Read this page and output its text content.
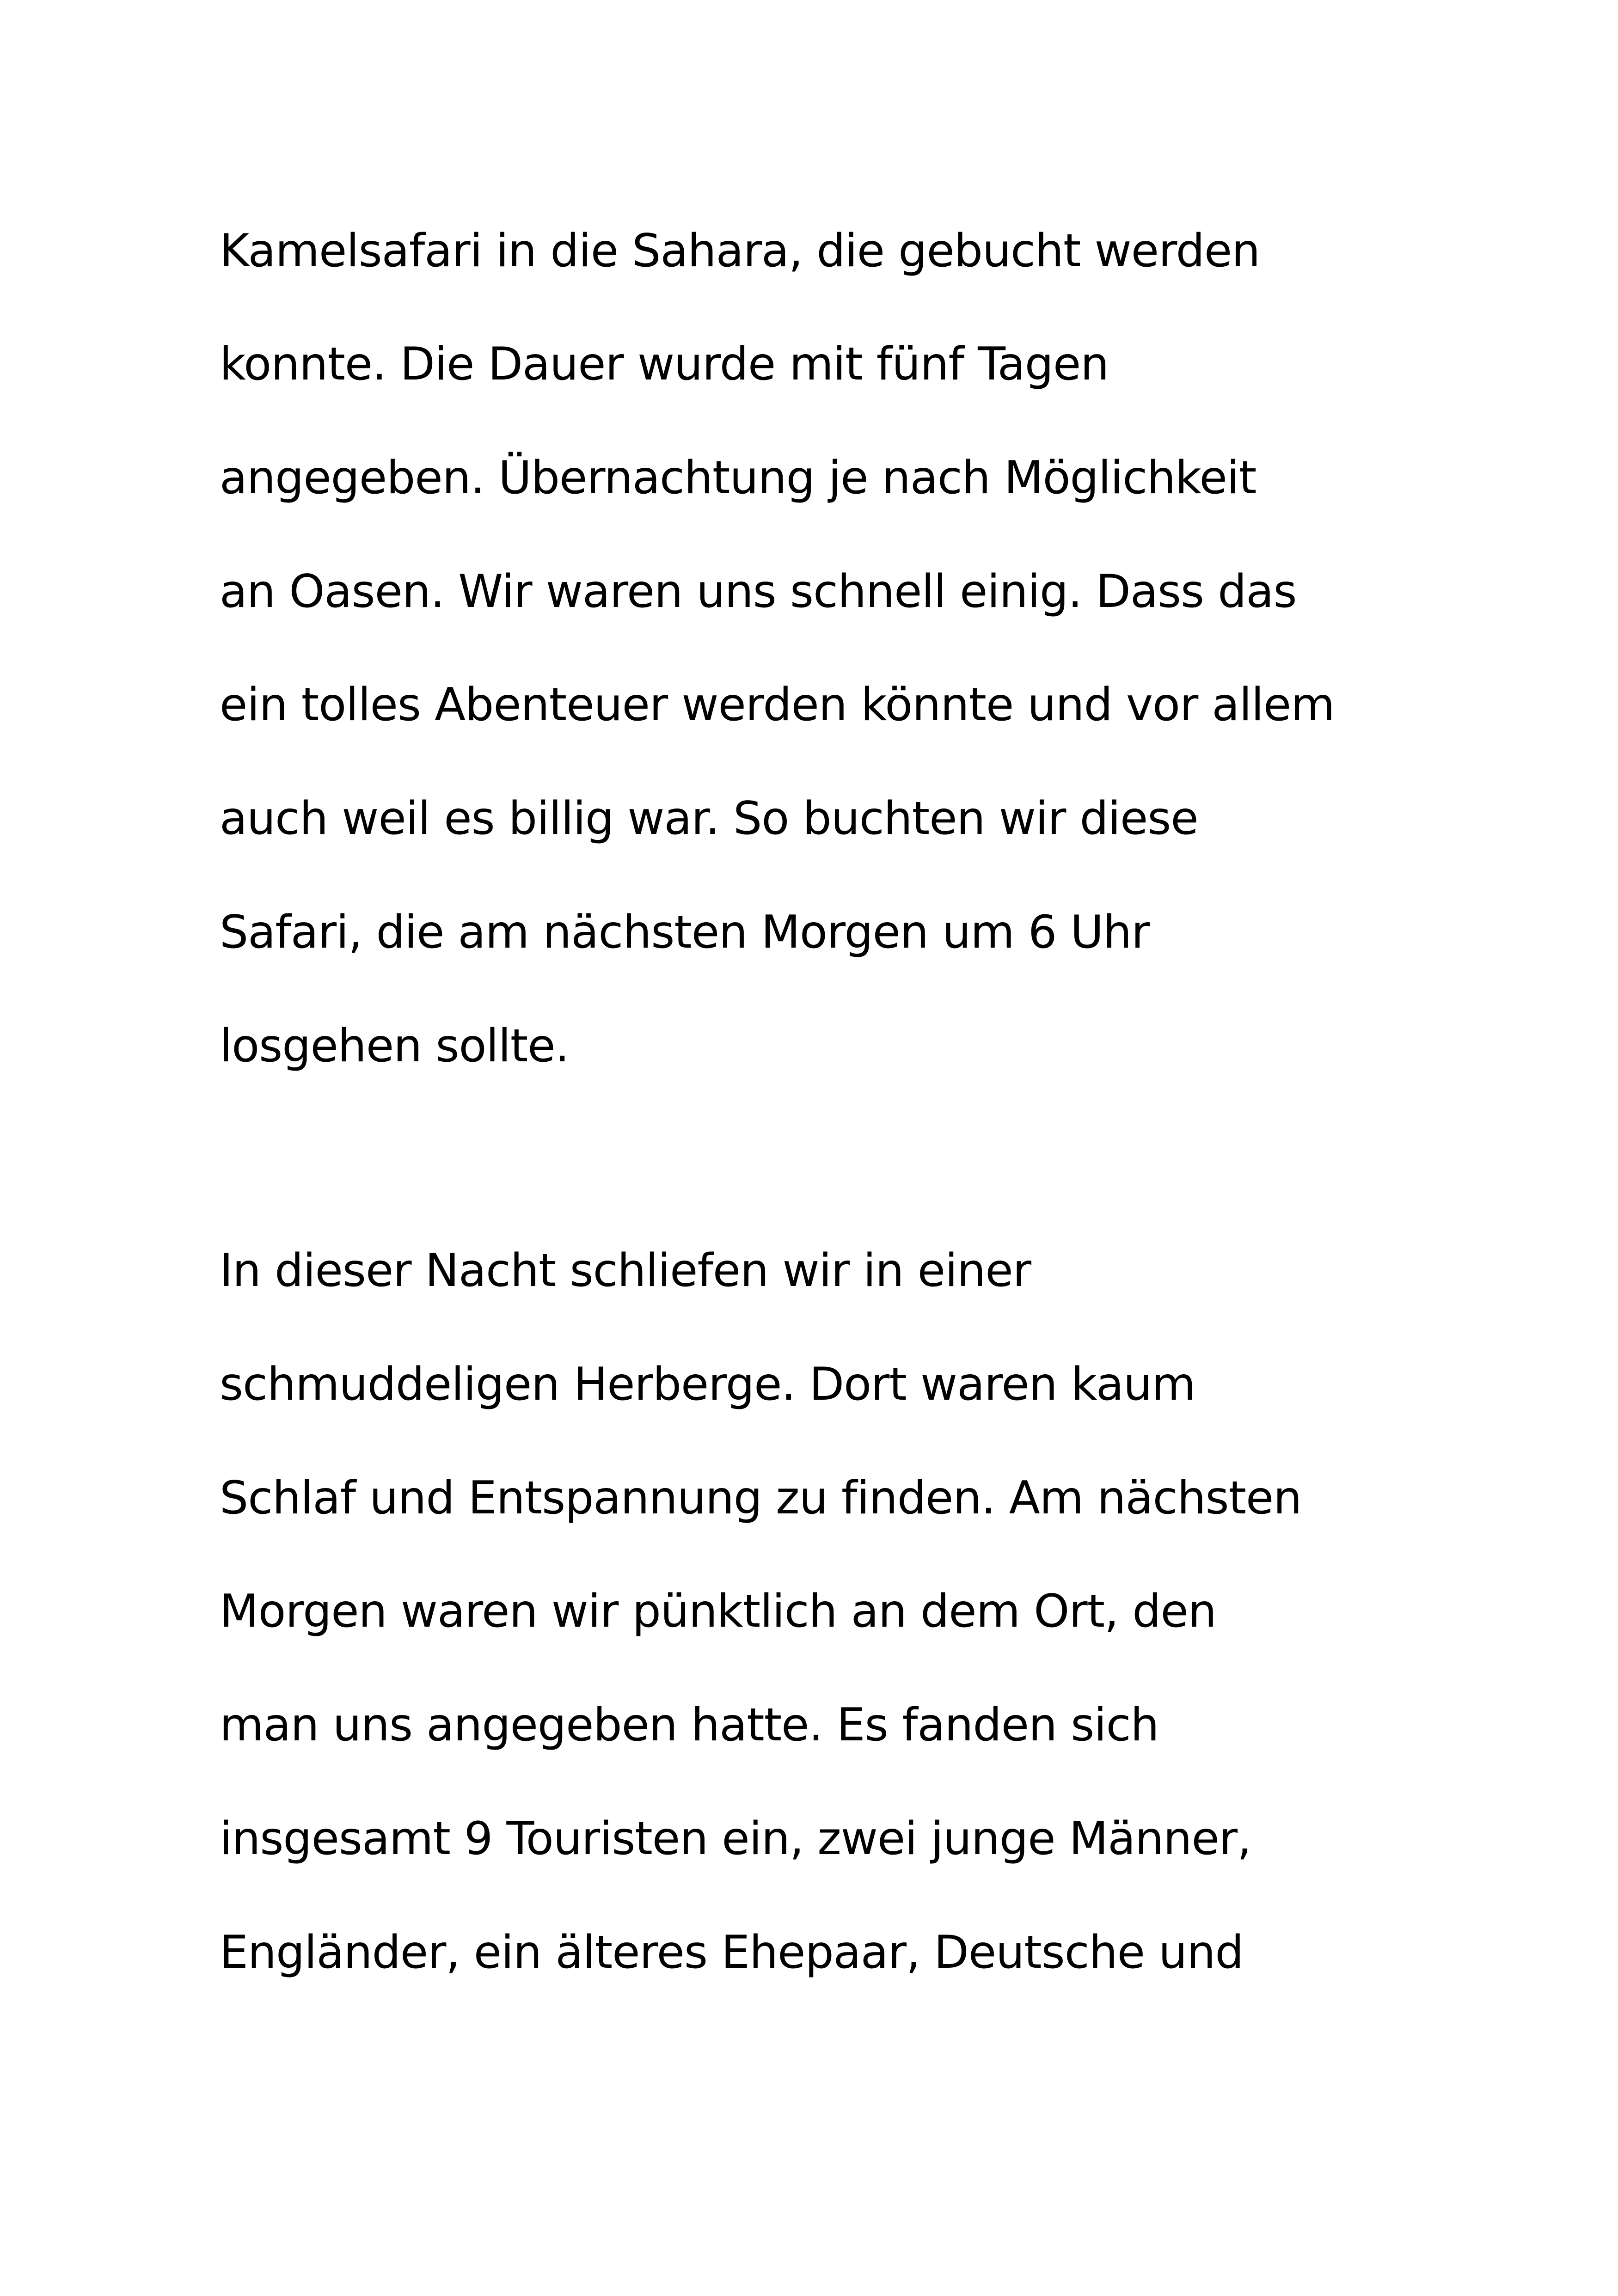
Kamelsafari in die Sahara, die gebucht werden
konnte. Die Dauer wurde mit fünf Tagen
angegeben. Übernachtung je nach Möglichkeit
an Oasen. Wir waren uns schnell einig. Dass das
ein tolles Abenteuer werden könnte und vor allem
auch weil es billig war. So buchten wir diese
Safari, die am nächsten Morgen um 6 Uhr
losgehen sollte.
In dieser Nacht schliefen wir in einer
schmuddeligen Herberge. Dort waren kaum
Schlaf und Entspannung zu finden. Am nächsten
Morgen waren wir pünktlich an dem Ort, den
man uns angegeben hatte. Es fanden sich
insgesamt 9 Touristen ein, zwei junge Männer,
Engländer, ein älteres Ehepaar, Deutsche und
